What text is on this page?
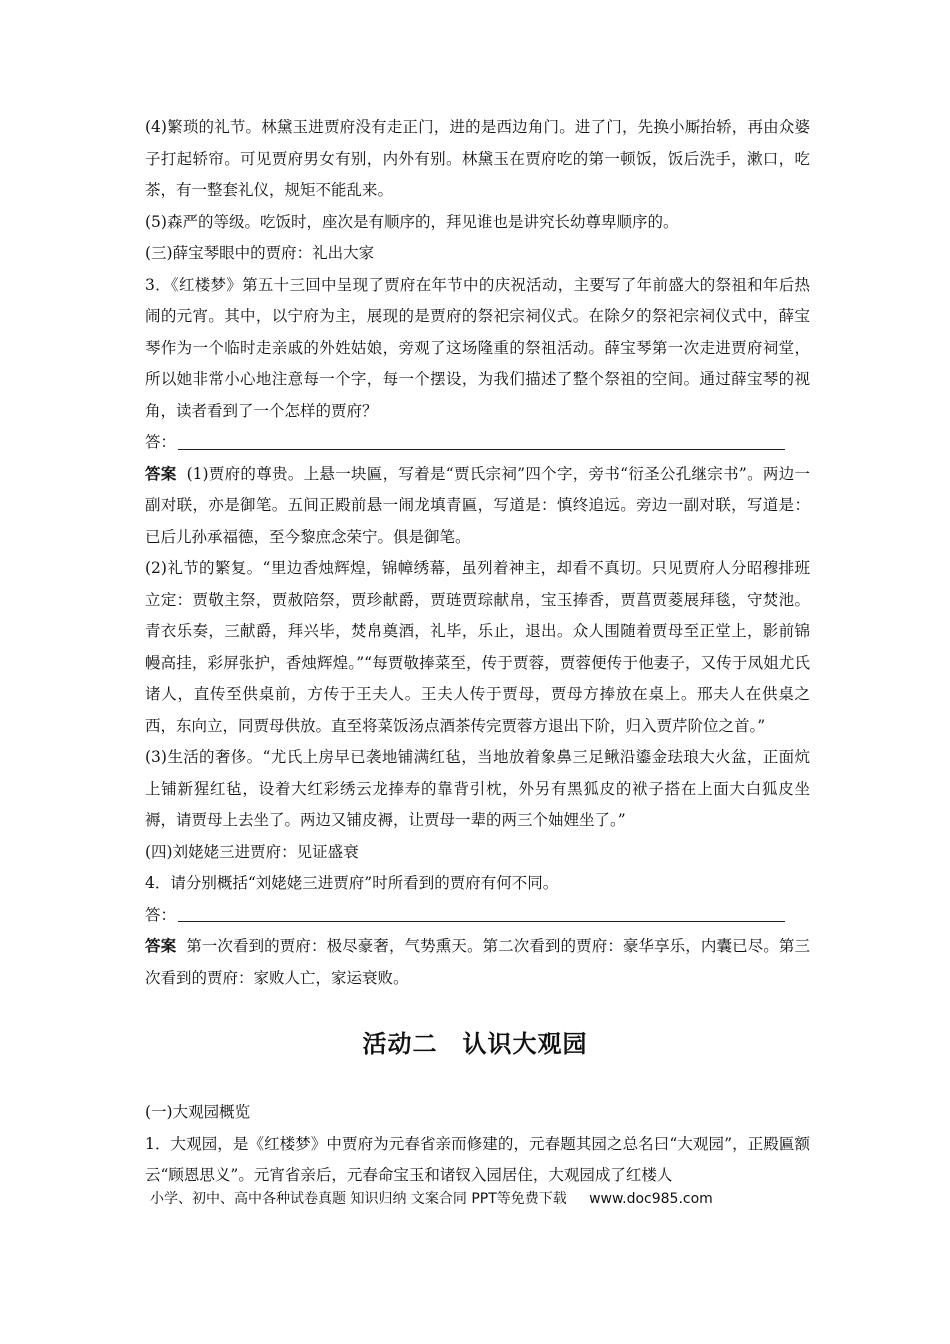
(4)繁琐的礼节。林黛玉进贾府没有走正门，进的是西边角门。进了门，先换小厮抬轿，再由众婆子打起轿帘。可见贾府男女有别，内外有别。林黛玉在贾府吃的第一顿饭，饭后洗手，漱口，吃茶，有一整套礼仪，规矩不能乱来。

(5)森严的等级。吃饭时，座次是有顺序的，拜见谁也是讲究长幼尊卑顺序的。

(三)薛宝琴眼中的贾府：礼出大家

3．《红楼梦》第五十三回中呈现了贾府在年节中的庆祝活动，主要写了年前盛大的祭祖和年后热闹的元宵。其中，以宁府为主，展现的是贾府的祭祀宗祠仪式。在除夕的祭祀宗祠仪式中，薛宝琴作为一个临时走亲戚的外姓姑娘，旁观了这场隆重的祭祖活动。薛宝琴第一次走进贾府祠堂，所以她非常小心地注意每一个字，每一个摆设，为我们描述了整个祭祖的空间。通过薛宝琴的视角，读者看到了一个怎样的贾府？

答：

答案 (1)贾府的尊贵。上悬一块匾，写着是“贾氏宗祠”四个字，旁书“衍圣公孔继宗书”。两边一副对联，亦是御笔。五间正殿前悬一闹龙填青匾，写道是：慎终追远。旁边一副对联，写道是：已后儿孙承福德，至今黎庶念荣宁。俱是御笔。

(2)礼节的繁复。“里边香烛辉煌，锦幛绣幕，虽列着神主，却看不真切。只见贾府人分昭穆排班立定：贾敬主祭，贾赦陪祭，贾珍献爵，贾琏贾琮献帛，宝玉捧香，贾菖贾菱展拜毯，守焚池。青衣乐奏，三献爵，拜兴毕，焚帛奠酒，礼毕，乐止，退出。众人围随着贾母至正堂上，影前锦幔高挂，彩屏张护，香烛辉煌。”“每贾敬捧菜至，传于贾蓉，贾蓉便传于他妻子，又传于凤姐尤氏诸人，直传至供桌前，方传于王夫人。王夫人传于贾母，贾母方捧放在桌上。邢夫人在供桌之西，东向立，同贾母供放。直至将菜饭汤点酒茶传完贾蓉方退出下阶，归入贾芹阶位之首。”

(3)生活的奢侈。“尤氏上房早已袭地铺满红毡，当地放着象鼻三足鳅沿鎏金珐琅大火盆，正面炕上铺新猩红毡，设着大红彩绣云龙捧寿的靠背引枕，外另有黑狐皮的袱子搭在上面大白狐皮坐褥，请贾母上去坐了。两边又铺皮褥，让贾母一辈的两三个妯娌坐了。”

(四)刘姥姥三进贾府：见证盛衰

4．请分别概括“刘姥姥三进贾府”时所看到的贾府有何不同。

答：

答案 第一次看到的贾府：极尽豪奢，气势熏天。第二次看到的贾府：豪华享乐，内囊已尽。第三次看到的贾府：家败人亡，家运衰败。

活动二　认识大观园

(一)大观园概览

1．大观园，是《红楼梦》中贾府为元春省亲而修建的，元春题其园之总名曰“大观园”，正殿匾额云“顾恩思义”。元宵省亲后，元春命宝玉和诸钗入园居住，大观园成了红楼人

小学、初中、高中各种试卷真题 知识归纳 文案合同 PPT等免费下载 www.doc985.com
